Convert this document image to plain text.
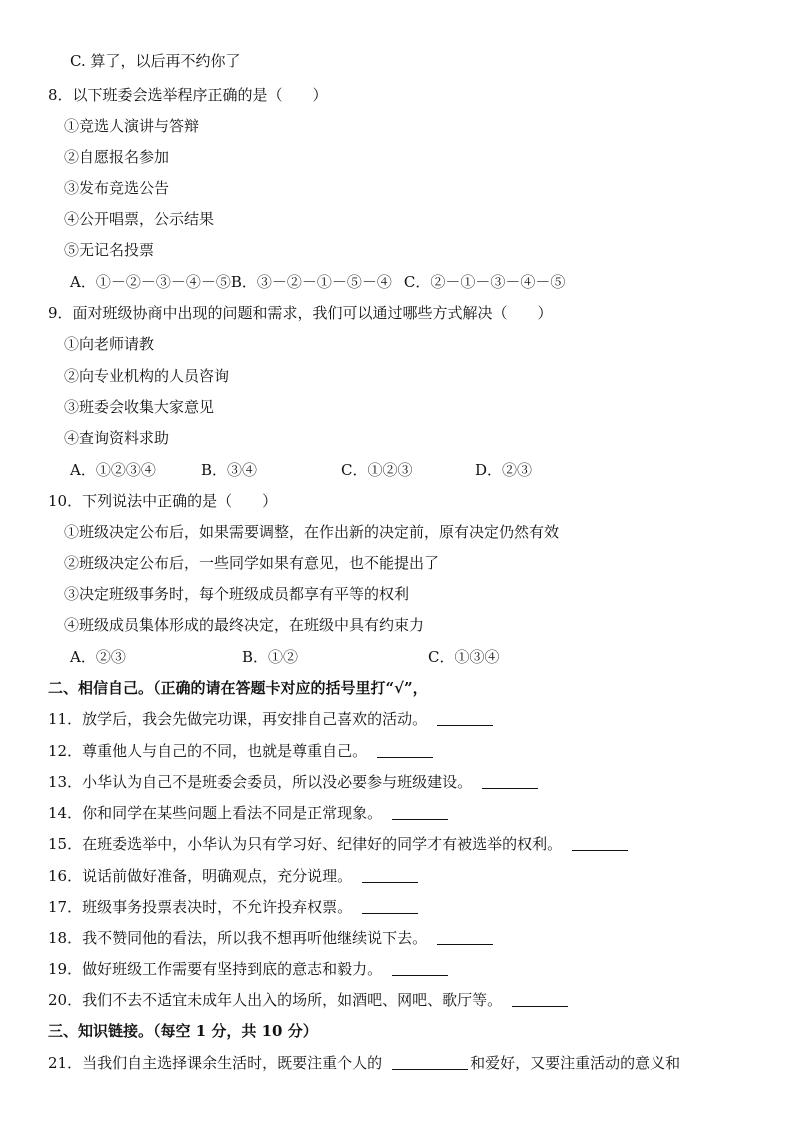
C. 算了，以后再不约你了
8．以下班委会选举程序正确的是（　　）
①竞选人演讲与答辩
②自愿报名参加
③发布竞选公告
④公开唱票，公示结果
⑤无记名投票
A．①－②－③－④－⑤B．③－②－①－⑤－④ C．②－①－③－④－⑤
9．面对班级协商中出现的问题和需求，我们可以通过哪些方式解决（　　）
①向老师请教
②向专业机构的人员咨询
③班委会收集大家意见
④查询资料求助
A．①②③④	B．③④	C．①②③	D．②③
10．下列说法中正确的是（　　）
①班级决定公布后，如果需要调整，在作出新的决定前，原有决定仍然有效
②班级决定公布后，一些同学如果有意见，也不能提出了
③决定班级事务时，每个班级成员都享有平等的权利
④班级成员集体形成的最终决定，在班级中具有约束力
A．②③	B．①②	C．①③④
二、相信自己。（正确的请在答题卡对应的括号里打“√”，
11．放学后，我会先做完功课，再安排自己喜欢的活动。
12．尊重他人与自己的不同，也就是尊重自己。
13．小华认为自己不是班委会委员，所以没必要参与班级建设。
14．你和同学在某些问题上看法不同是正常现象。
15．在班委选举中，小华认为只有学习好、纪律好的同学才有被选举的权利。
16．说话前做好准备，明确观点，充分说理。
17．班级事务投票表决时，不允许投弃权票。
18．我不赞同他的看法，所以我不想再听他继续说下去。
19．做好班级工作需要有坚持到底的意志和毅力。
20．我们不去不适宜未成年人出入的场所，如酒吧、网吧、歌厅等。
三、知识链接。（每空 1 分，共 10 分）
21．当我们自主选择课余生活时，既要注重个人的	和爱好，又要注重活动的意义和
